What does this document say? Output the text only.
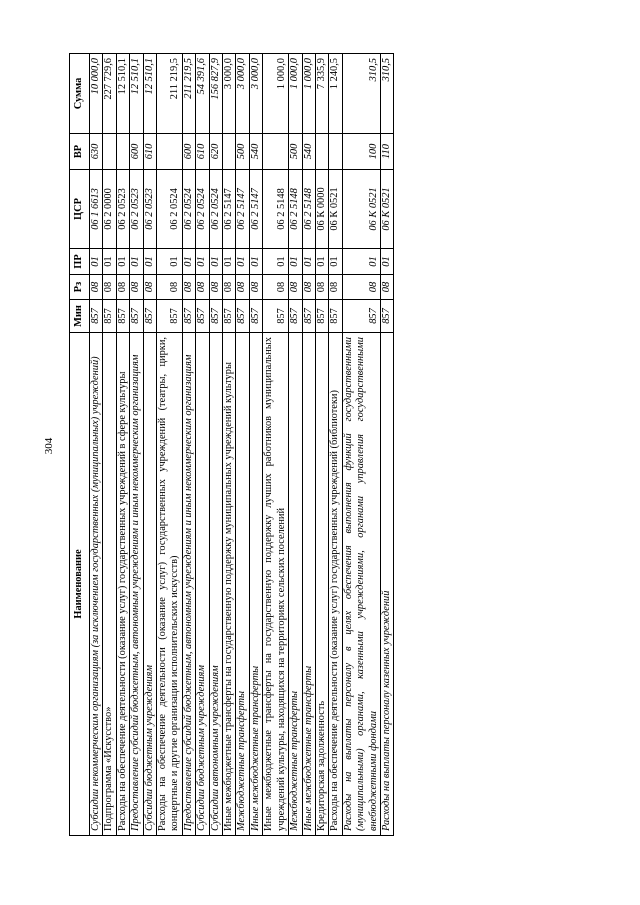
304
Наименование	Мин	Рз	ПР	ЦСР	ВР	Сумма
Субсидии некоммерческим организациям (за исключением государственных (муниципальных) учреждений)	857	08	01	06 1 6613	630	10 000,0
Подпрограмма «Искусство»	857	08	01	06 2 0000		227 729,6
Расходы на обеспечение деятельности (оказание услуг) государственных учреждений в сфере культуры	857	08	01	06 2 0523		12 510,1
Предоставление субсидий бюджетным, автономным учреждениям и иным некоммерческим организациям	857	08	01	06 2 0523	600	12 510,1
Субсидии бюджетным учреждениям	857	08	01	06 2 0523	610	12 510,1
Расходы на обеспечение деятельности (оказание услуг) государственных учреждений (театры, цирки, концертные и другие организации исполнительских искусств)	857	08	01	06 2 0524		211 219,5
Предоставление субсидий бюджетным, автономным учреждениям и иным некоммерческим организациям	857	08	01	06 2 0524	600	211 219,5
Субсидии бюджетным учреждениям	857	08	01	06 2 0524	610	54 391,6
Субсидии автономным учреждениям	857	08	01	06 2 0524	620	156 827,9
Иные межбюджетные трансферты на государственную поддержку муниципальных учреждений культуры	857	08	01	06 2 5147		3 000,0
Межбюджетные трансферты	857	08	01	06 2 5147	500	3 000,0
Иные межбюджетные трансферты	857	08	01	06 2 5147	540	3 000,0
Иные межбюджетные трансферты на государственную поддержку лучших работников муниципальных учреждений культуры, находящихся на территориях сельских поселений	857	08	01	06 2 5148		1 000,0
Межбюджетные трансферты	857	08	01	06 2 5148	500	1 000,0
Иные межбюджетные трансферты	857	08	01	06 2 5148	540	1 000,0
Кредиторская задолженность	857	08	01	06 К 0000		7 335,9
Расходы на обеспечение деятельности (оказание услуг) государственных учреждений (библиотеки)	857	08	01	06 К 0521		1 240,5
Расходы на выплаты персоналу в целях обеспечения выполнения функций государственными (муниципальными) органами, казенными учреждениями, органами управления государственными внебюджетными фондами	857	08	01	06 К 0521	100	310,5
Расходы на выплаты персоналу казенных учреждений	857	08	01	06 К 0521	110	310,5
